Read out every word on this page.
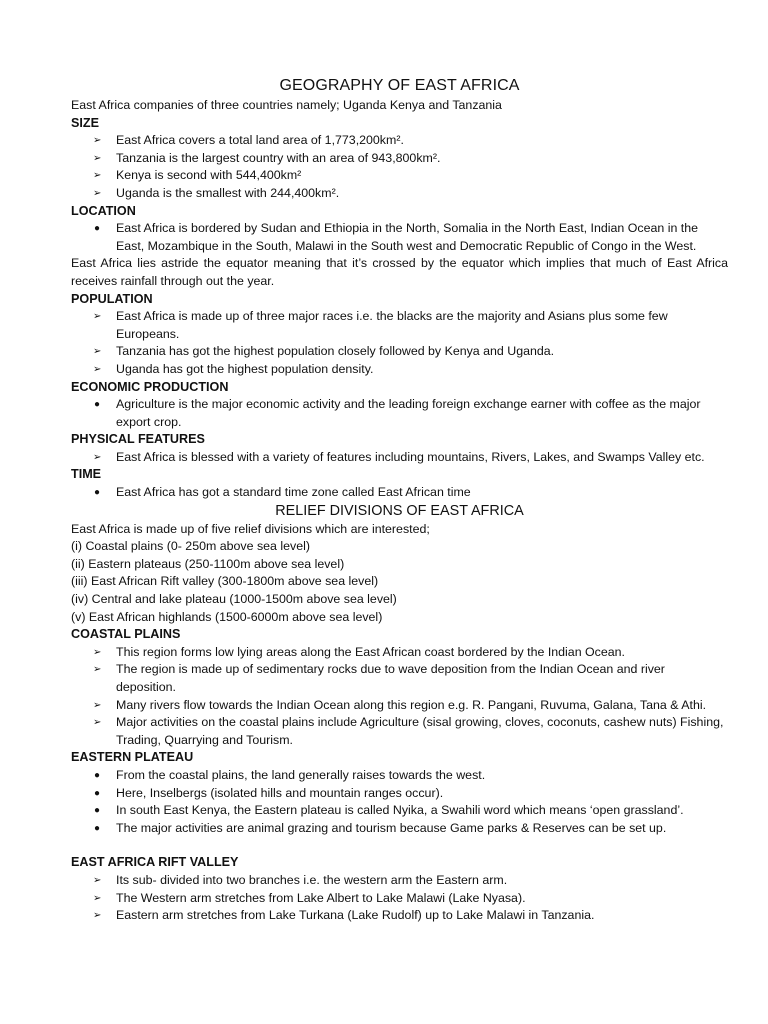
GEOGRAPHY OF EAST AFRICA

East Africa companies of three countries namely; Uganda Kenya and Tanzania

SIZE

➢	East Africa covers a total land area of 1,773,200km².
➢	Tanzania is the largest country with an area of 943,800km².
➢	Kenya is second with 544,400km²
➢	Uganda is the smallest with 244,400km².

LOCATION

●	East Africa is bordered by Sudan and Ethiopia in the North, Somalia in the North East, Indian Ocean in the East, Mozambique in the South, Malawi in the South west and Democratic Republic of Congo in the West.

East Africa lies astride the equator meaning that it’s crossed by the equator which implies that much of East Africa receives rainfall through out the year.

POPULATION

➢	East Africa is made up of three major races i.e. the blacks are the majority and Asians plus some few Europeans.
➢	Tanzania has got the highest population closely followed by Kenya and Uganda.
➢	Uganda has got the highest population density.

ECONOMIC PRODUCTION

●	Agriculture is the major economic activity and the leading foreign exchange earner with coffee as the major export crop.

PHYSICAL FEATURES

➢	East Africa is blessed with a variety of features including mountains, Rivers, Lakes, and Swamps Valley etc.

TIME

●	East Africa has got a standard time zone called East African time
RELIEF DIVISIONS OF EAST AFRICA

East Africa is made up of five relief divisions which are interested;

(i) Coastal plains (0- 250m above sea level)

(ii) Eastern plateaus (250-1100m above sea level)

(iii) East African Rift valley (300-1800m above sea level)

(iv) Central and lake plateau (1000-1500m above sea level)

(v) East African highlands (1500-6000m above sea level)

COASTAL PLAINS

➢	This region forms low lying areas along the East African coast bordered by the Indian Ocean.
➢	The region is made up of sedimentary rocks due to wave deposition from the Indian Ocean and river deposition.
➢	Many rivers flow towards the Indian Ocean along this region e.g. R. Pangani, Ruvuma, Galana, Tana & Athi.
➢	Major activities on the coastal plains include Agriculture (sisal growing, cloves, coconuts, cashew nuts) Fishing, Trading, Quarrying and Tourism.

EASTERN PLATEAU

●	From the coastal plains, the land generally raises towards the west.
●	Here, Inselbergs (isolated hills and mountain ranges occur).
●	In south East Kenya, the Eastern plateau is called Nyika, a Swahili word which means ‘open grassland’.
●	The major activities are animal grazing and tourism because Game parks & Reserves can be set up.

EAST AFRICA RIFT VALLEY

➢	Its sub- divided into two branches i.e. the western arm the Eastern arm.
➢	The Western arm stretches from Lake Albert to Lake Malawi (Lake Nyasa).
➢	Eastern arm stretches from Lake Turkana (Lake Rudolf) up to Lake Malawi in Tanzania.
